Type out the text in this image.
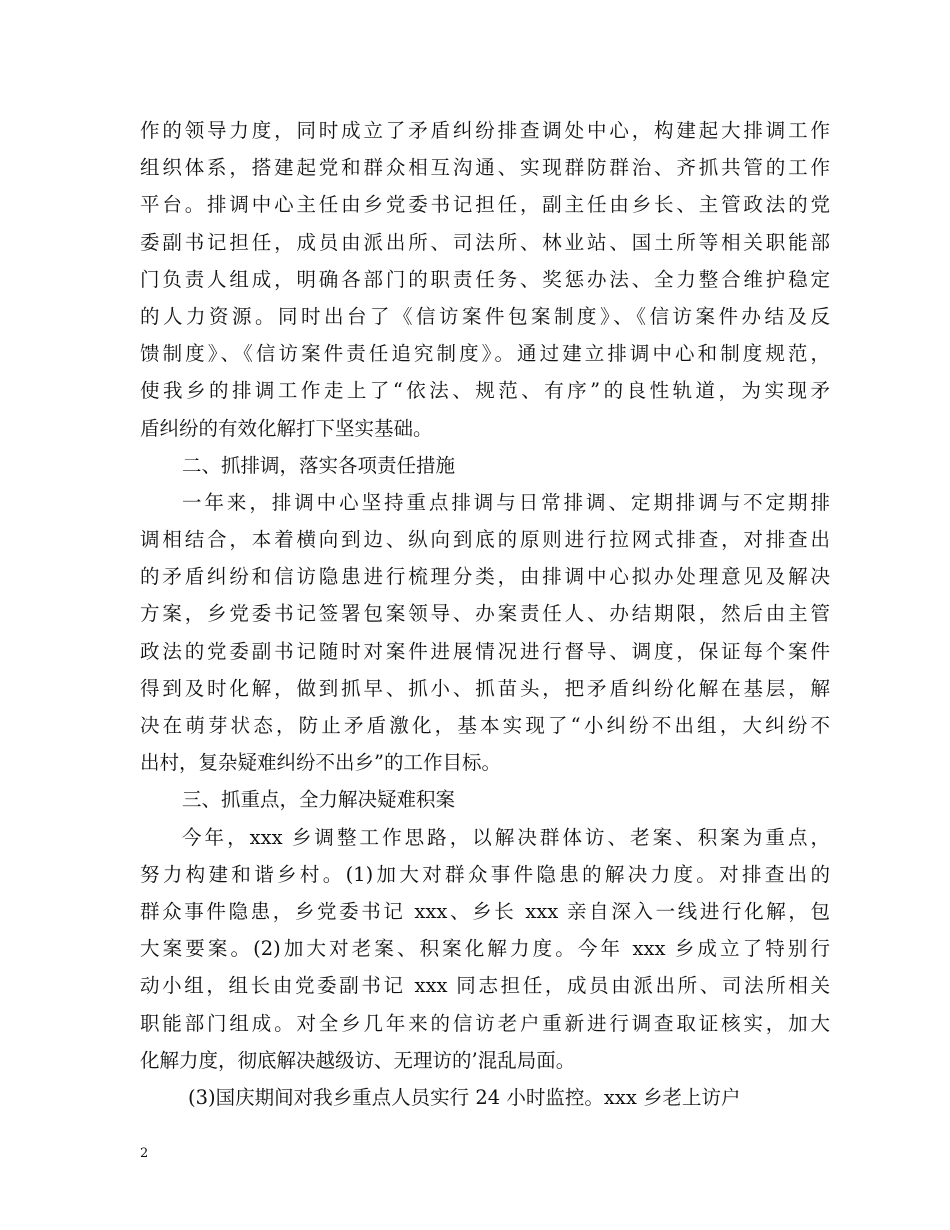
作的领导力度，同时成立了矛盾纠纷排查调处中心，构建起大排调工作
组织体系，搭建起党和群众相互沟通、实现群防群治、齐抓共管的工作
平台。排调中心主任由乡党委书记担任，副主任由乡长、主管政法的党
委副书记担任，成员由派出所、司法所、林业站、国土所等相关职能部
门负责人组成，明确各部门的职责任务、奖惩办法、全力整合维护稳定
的人力资源。同时出台了《信访案件包案制度》、《信访案件办结及反
馈制度》、《信访案件责任追究制度》。通过建立排调中心和制度规范，
使我乡的排调工作走上了“依法、规范、有序”的良性轨道，为实现矛
盾纠纷的有效化解打下坚实基础。
二、抓排调，落实各项责任措施
一年来，排调中心坚持重点排调与日常排调、定期排调与不定期排
调相结合，本着横向到边、纵向到底的原则进行拉网式排查，对排查出
的矛盾纠纷和信访隐患进行梳理分类，由排调中心拟办处理意见及解决
方案，乡党委书记签署包案领导、办案责任人、办结期限，然后由主管
政法的党委副书记随时对案件进展情况进行督导、调度，保证每个案件
得到及时化解，做到抓早、抓小、抓苗头，把矛盾纠纷化解在基层，解
决在萌芽状态，防止矛盾激化，基本实现了“小纠纷不出组，大纠纷不
出村，复杂疑难纠纷不出乡”的工作目标。
三、抓重点，全力解决疑难积案
今年，xxx 乡调整工作思路，以解决群体访、老案、积案为重点，
努力构建和谐乡村。(1)加大对群众事件隐患的解决力度。对排查出的
群众事件隐患，乡党委书记 xxx、乡长 xxx 亲自深入一线进行化解，包
大案要案。(2)加大对老案、积案化解力度。今年 xxx 乡成立了特别行
动小组，组长由党委副书记 xxx 同志担任，成员由派出所、司法所相关
职能部门组成。对全乡几年来的信访老户重新进行调查取证核实，加大
化解力度，彻底解决越级访、无理访的’混乱局面。
(3)国庆期间对我乡重点人员实行 24 小时监控。xxx 乡老上访户
2
